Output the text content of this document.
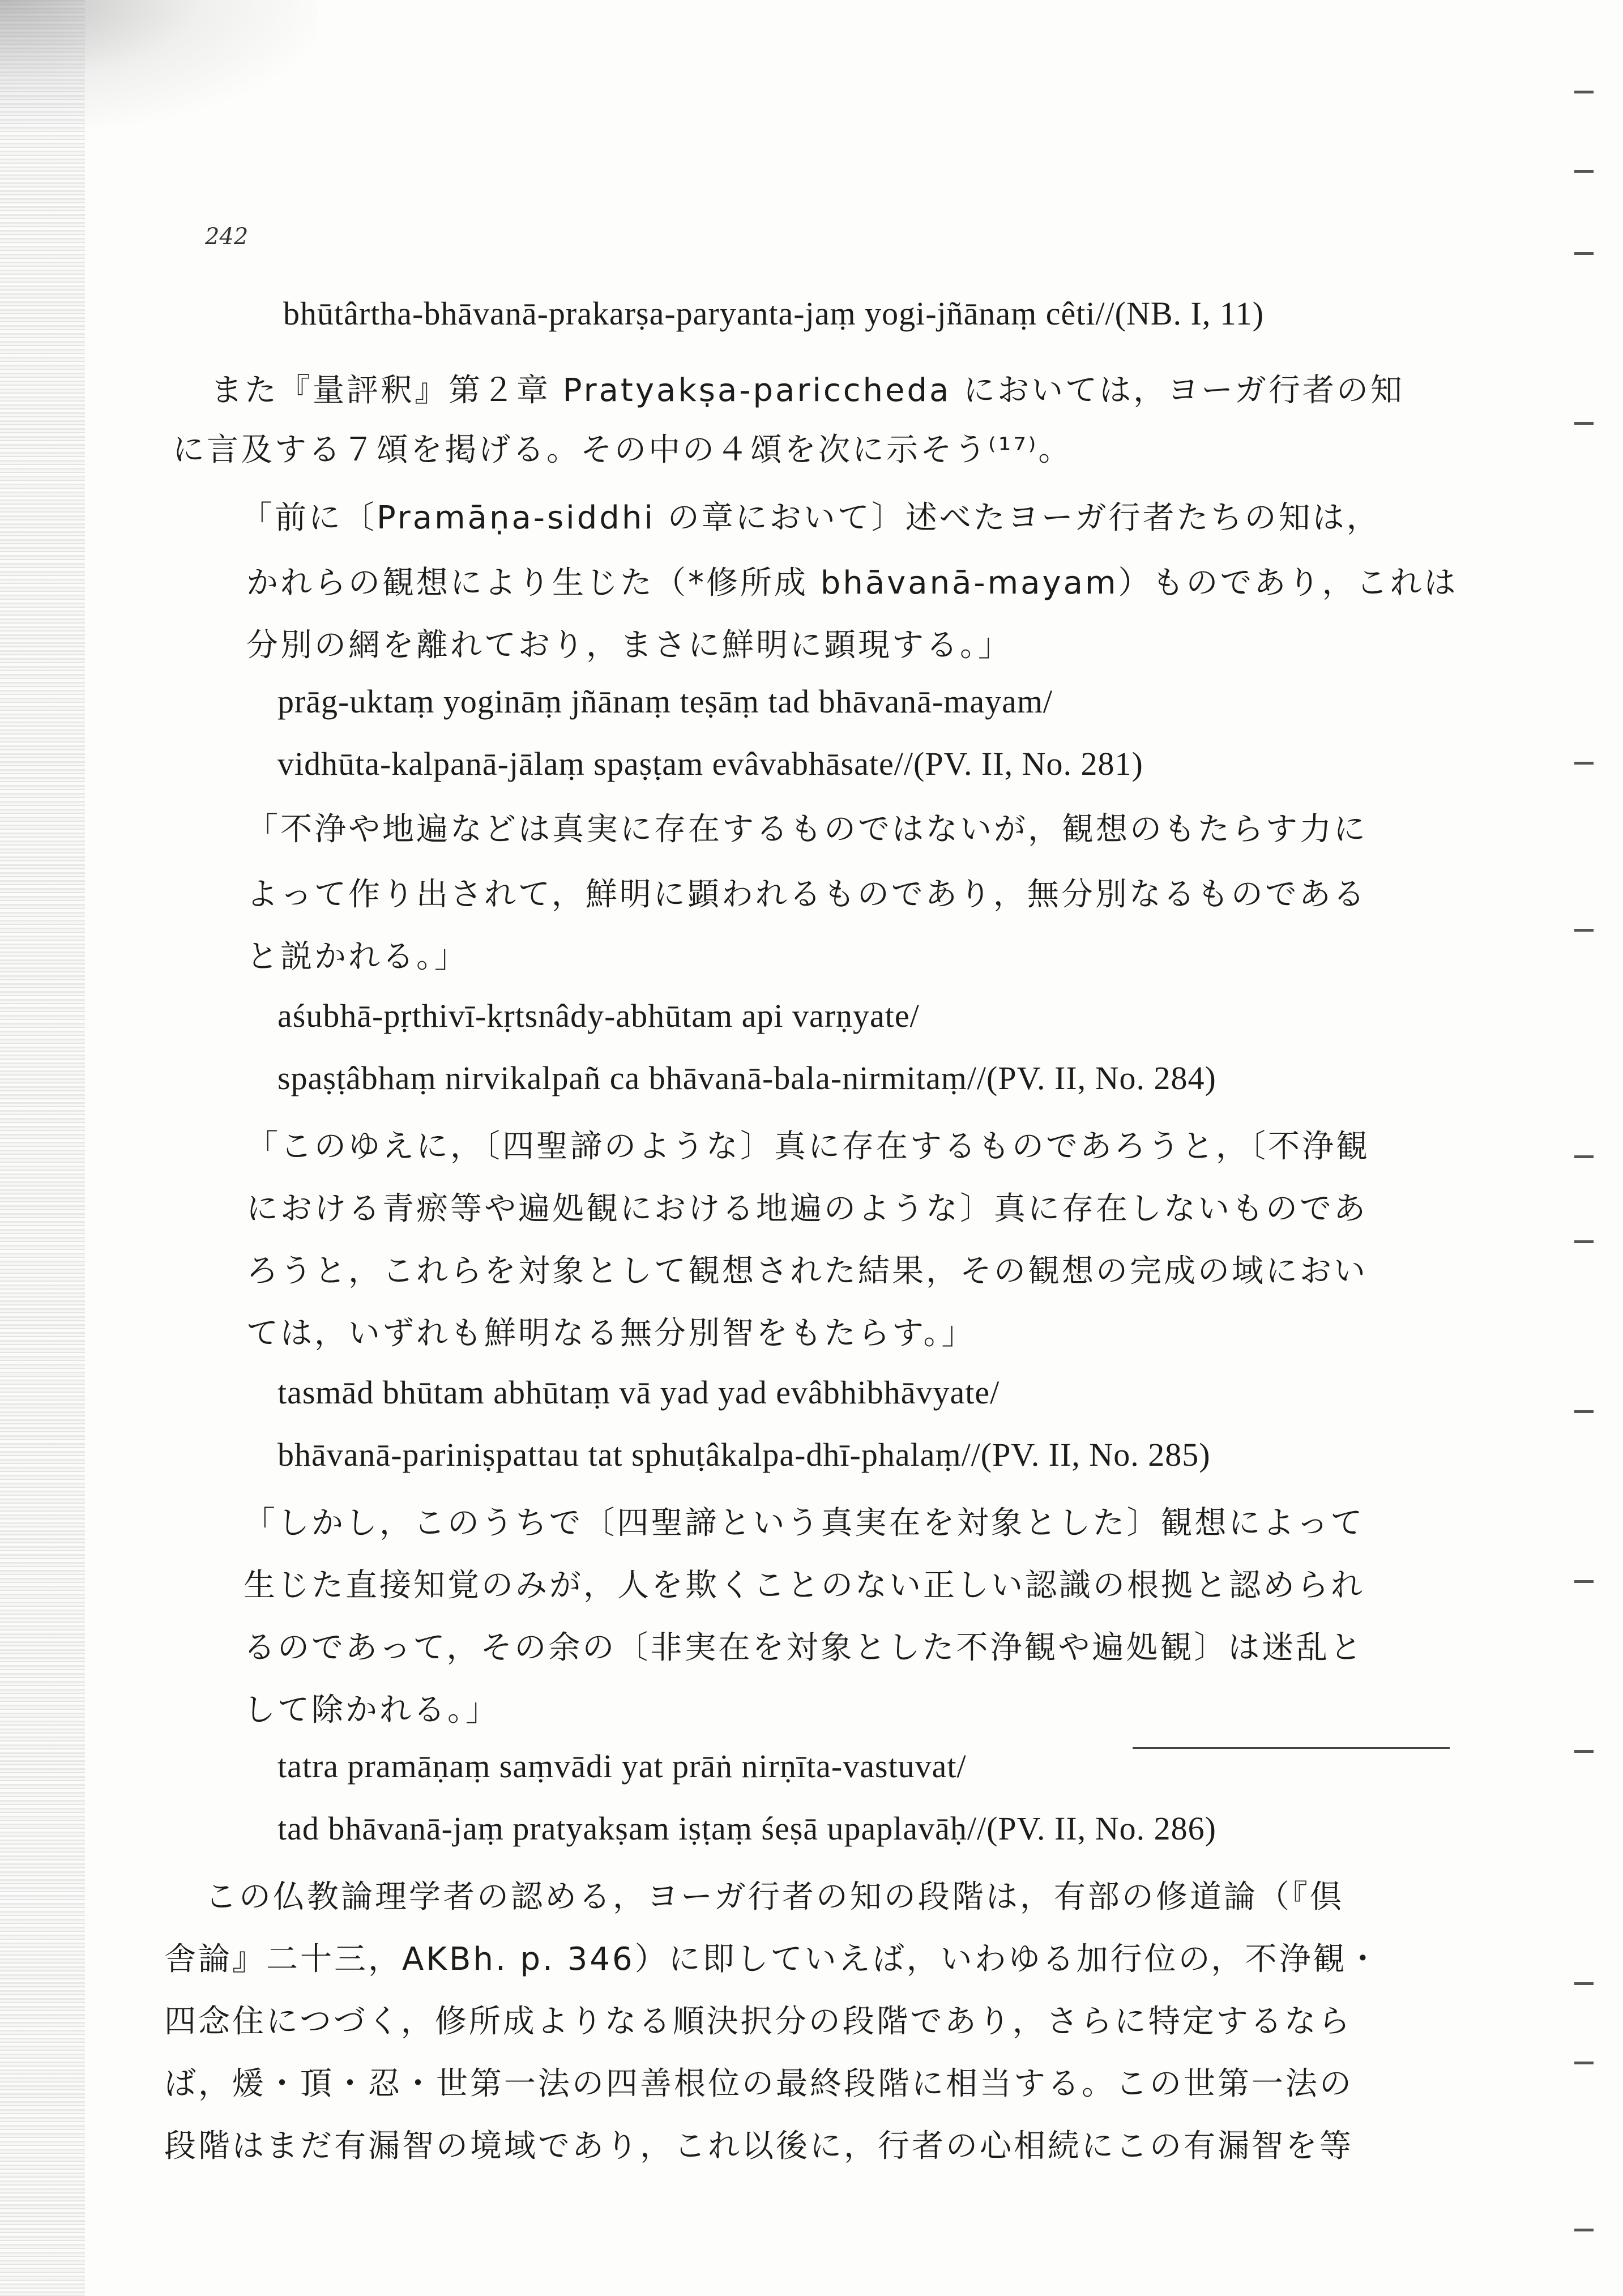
242
bhūtârtha-bhāvanā-prakarṣa-paryanta-jaṃ yogi-jñānaṃ cêti//(NB. I, 11)
また『量評釈』第２章 Pratyakṣa-pariccheda においては，ヨーガ行者の知
に言及する７頌を掲げる。その中の４頌を次に示そう⁽¹⁷⁾。
「前に〔Pramāṇa-siddhi の章において〕述べたヨーガ行者たちの知は，
かれらの観想により生じた（*修所成 bhāvanā-mayam）ものであり，これは
分別の網を離れており，まさに鮮明に顕現する。」
prāg-uktaṃ yogināṃ jñānaṃ teṣāṃ tad bhāvanā-mayam/
vidhūta-kalpanā-jālaṃ spaṣṭam evâvabhāsate//(PV. II, No. 281)
「不浄や地遍などは真実に存在するものではないが，観想のもたらす力に
よって作り出されて，鮮明に顕われるものであり，無分別なるものである
と説かれる。」
aśubhā-pṛthivī-kṛtsnâdy-abhūtam api varṇyate/
spaṣṭâbhaṃ nirvikalpañ ca bhāvanā-bala-nirmitaṃ//(PV. II, No. 284)
「このゆえに，〔四聖諦のような〕真に存在するものであろうと，〔不浄観
における青瘀等や遍処観における地遍のような〕真に存在しないものであ
ろうと，これらを対象として観想された結果，その観想の完成の域におい
ては，いずれも鮮明なる無分別智をもたらす。」
tasmād bhūtam abhūtaṃ vā yad yad evâbhibhāvyate/
bhāvanā-pariniṣpattau tat sphuṭâkalpa-dhī-phalaṃ//(PV. II, No. 285)
「しかし，このうちで〔四聖諦という真実在を対象とした〕観想によって
生じた直接知覚のみが，人を欺くことのない正しい認識の根拠と認められ
るのであって，その余の〔非実在を対象とした不浄観や遍処観〕は迷乱と
して除かれる。」
tatra pramāṇaṃ saṃvādi yat prāṅ nirṇīta-vastuvat/
tad bhāvanā-jaṃ pratyakṣam iṣṭaṃ śeṣā upaplavāḥ//(PV. II, No. 286)
この仏教論理学者の認める，ヨーガ行者の知の段階は，有部の修道論（『倶
舎論』二十三，AKBh. p. 346）に即していえば，いわゆる加行位の，不浄観・
四念住につづく，修所成よりなる順決択分の段階であり，さらに特定するなら
ば，煖・頂・忍・世第一法の四善根位の最終段階に相当する。この世第一法の
段階はまだ有漏智の境域であり，これ以後に，行者の心相続にこの有漏智を等
